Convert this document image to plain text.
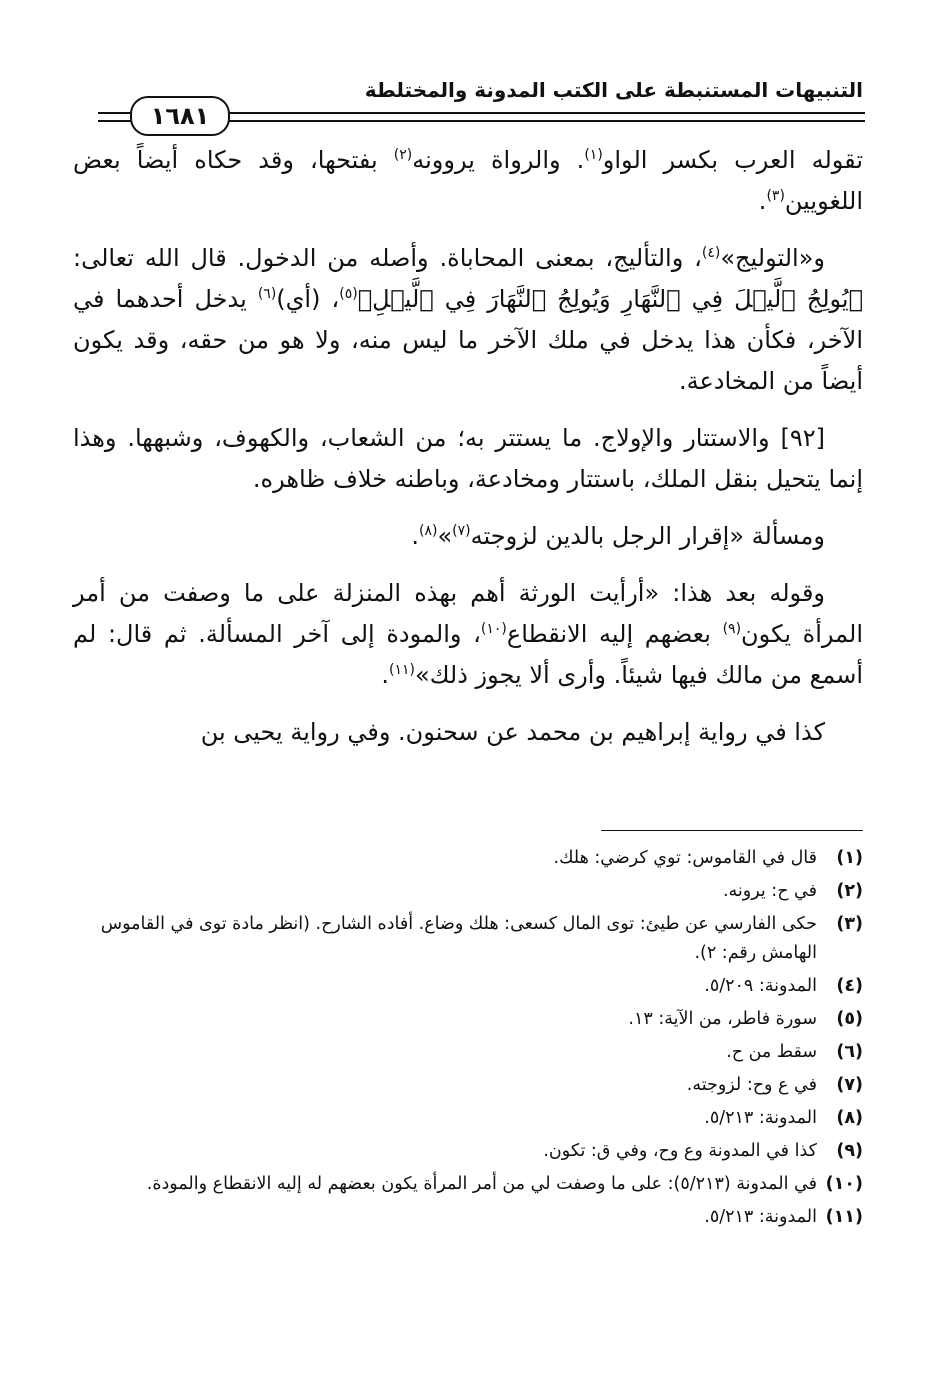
التنبيهات المستنبطة على الكتب المدونة والمختلطة
١٦٨١

تقوله العرب بكسر الواو$^{(١)}$. والرواة يروونه$^{(٢)}$ بفتحها، وقد حكاه أيضاً بعض اللغويين$^{(٣)}$.

و«التوليج»$^{(٤)}$، والتأليج، بمعنى المحاباة. وأصله من الدخول. قال الله تعالى: ﴿يُولِجُ ٱلَّيۡلَ فِي ٱلنَّهَارِ وَيُولِجُ ٱلنَّهَارَ فِي ٱلَّيۡلِ﴾$^{(٥)}$، (أي)$^{(٦)}$ يدخل أحدهما في الآخر، فكأن هذا يدخل في ملك الآخر ما ليس منه، ولا هو من حقه، وقد يكون أيضاً من المخادعة.

[٩٢] والاستتار والإولاج. ما يستتر به؛ من الشعاب، والكهوف، وشبهها. وهذا إنما يتحيل بنقل الملك، باستتار ومخادعة، وباطنه خلاف ظاهره.

ومسألة «إقرار الرجل بالدين لزوجته$^{(٧)}$»$^{(٨)}$.

وقوله بعد هذا: «أرأيت الورثة أهم بهذه المنزلة على ما وصفت من أمر المرأة يكون$^{(٩)}$ بعضهم إليه الانقطاع$^{(١٠)}$، والمودة إلى آخر المسألة. ثم قال: لم أسمع من مالك فيها شيئاً. وأرى ألا يجوز ذلك»$^{(١١)}$.

كذا في رواية إبراهيم بن محمد عن سحنون. وفي رواية يحيى بن

(١)
قال في القاموس: توي كرضي: هلك.
(٢)
في ح: يرونه.
(٣)
حكى الفارسي عن طيئ: توى المال كسعى: هلك وضاع. أفاده الشارح. (انظر مادة توى في القاموس الهامش رقم: ٢).
(٤)
المدونة: ٥/٢٠٩.
(٥)
سورة فاطر، من الآية: ١٣.
(٦)
سقط من ح.
(٧)
في ع وح: لزوجته.
(٨)
المدونة: ٥/٢١٣.
(٩)
كذا في المدونة وع وح، وفي ق: تكون.
(١٠)
في المدونة (٥/٢١٣): على ما وصفت لي من أمر المرأة يكون بعضهم له إليه الانقطاع والمودة.
(١١)
المدونة: ٥/٢١٣.
